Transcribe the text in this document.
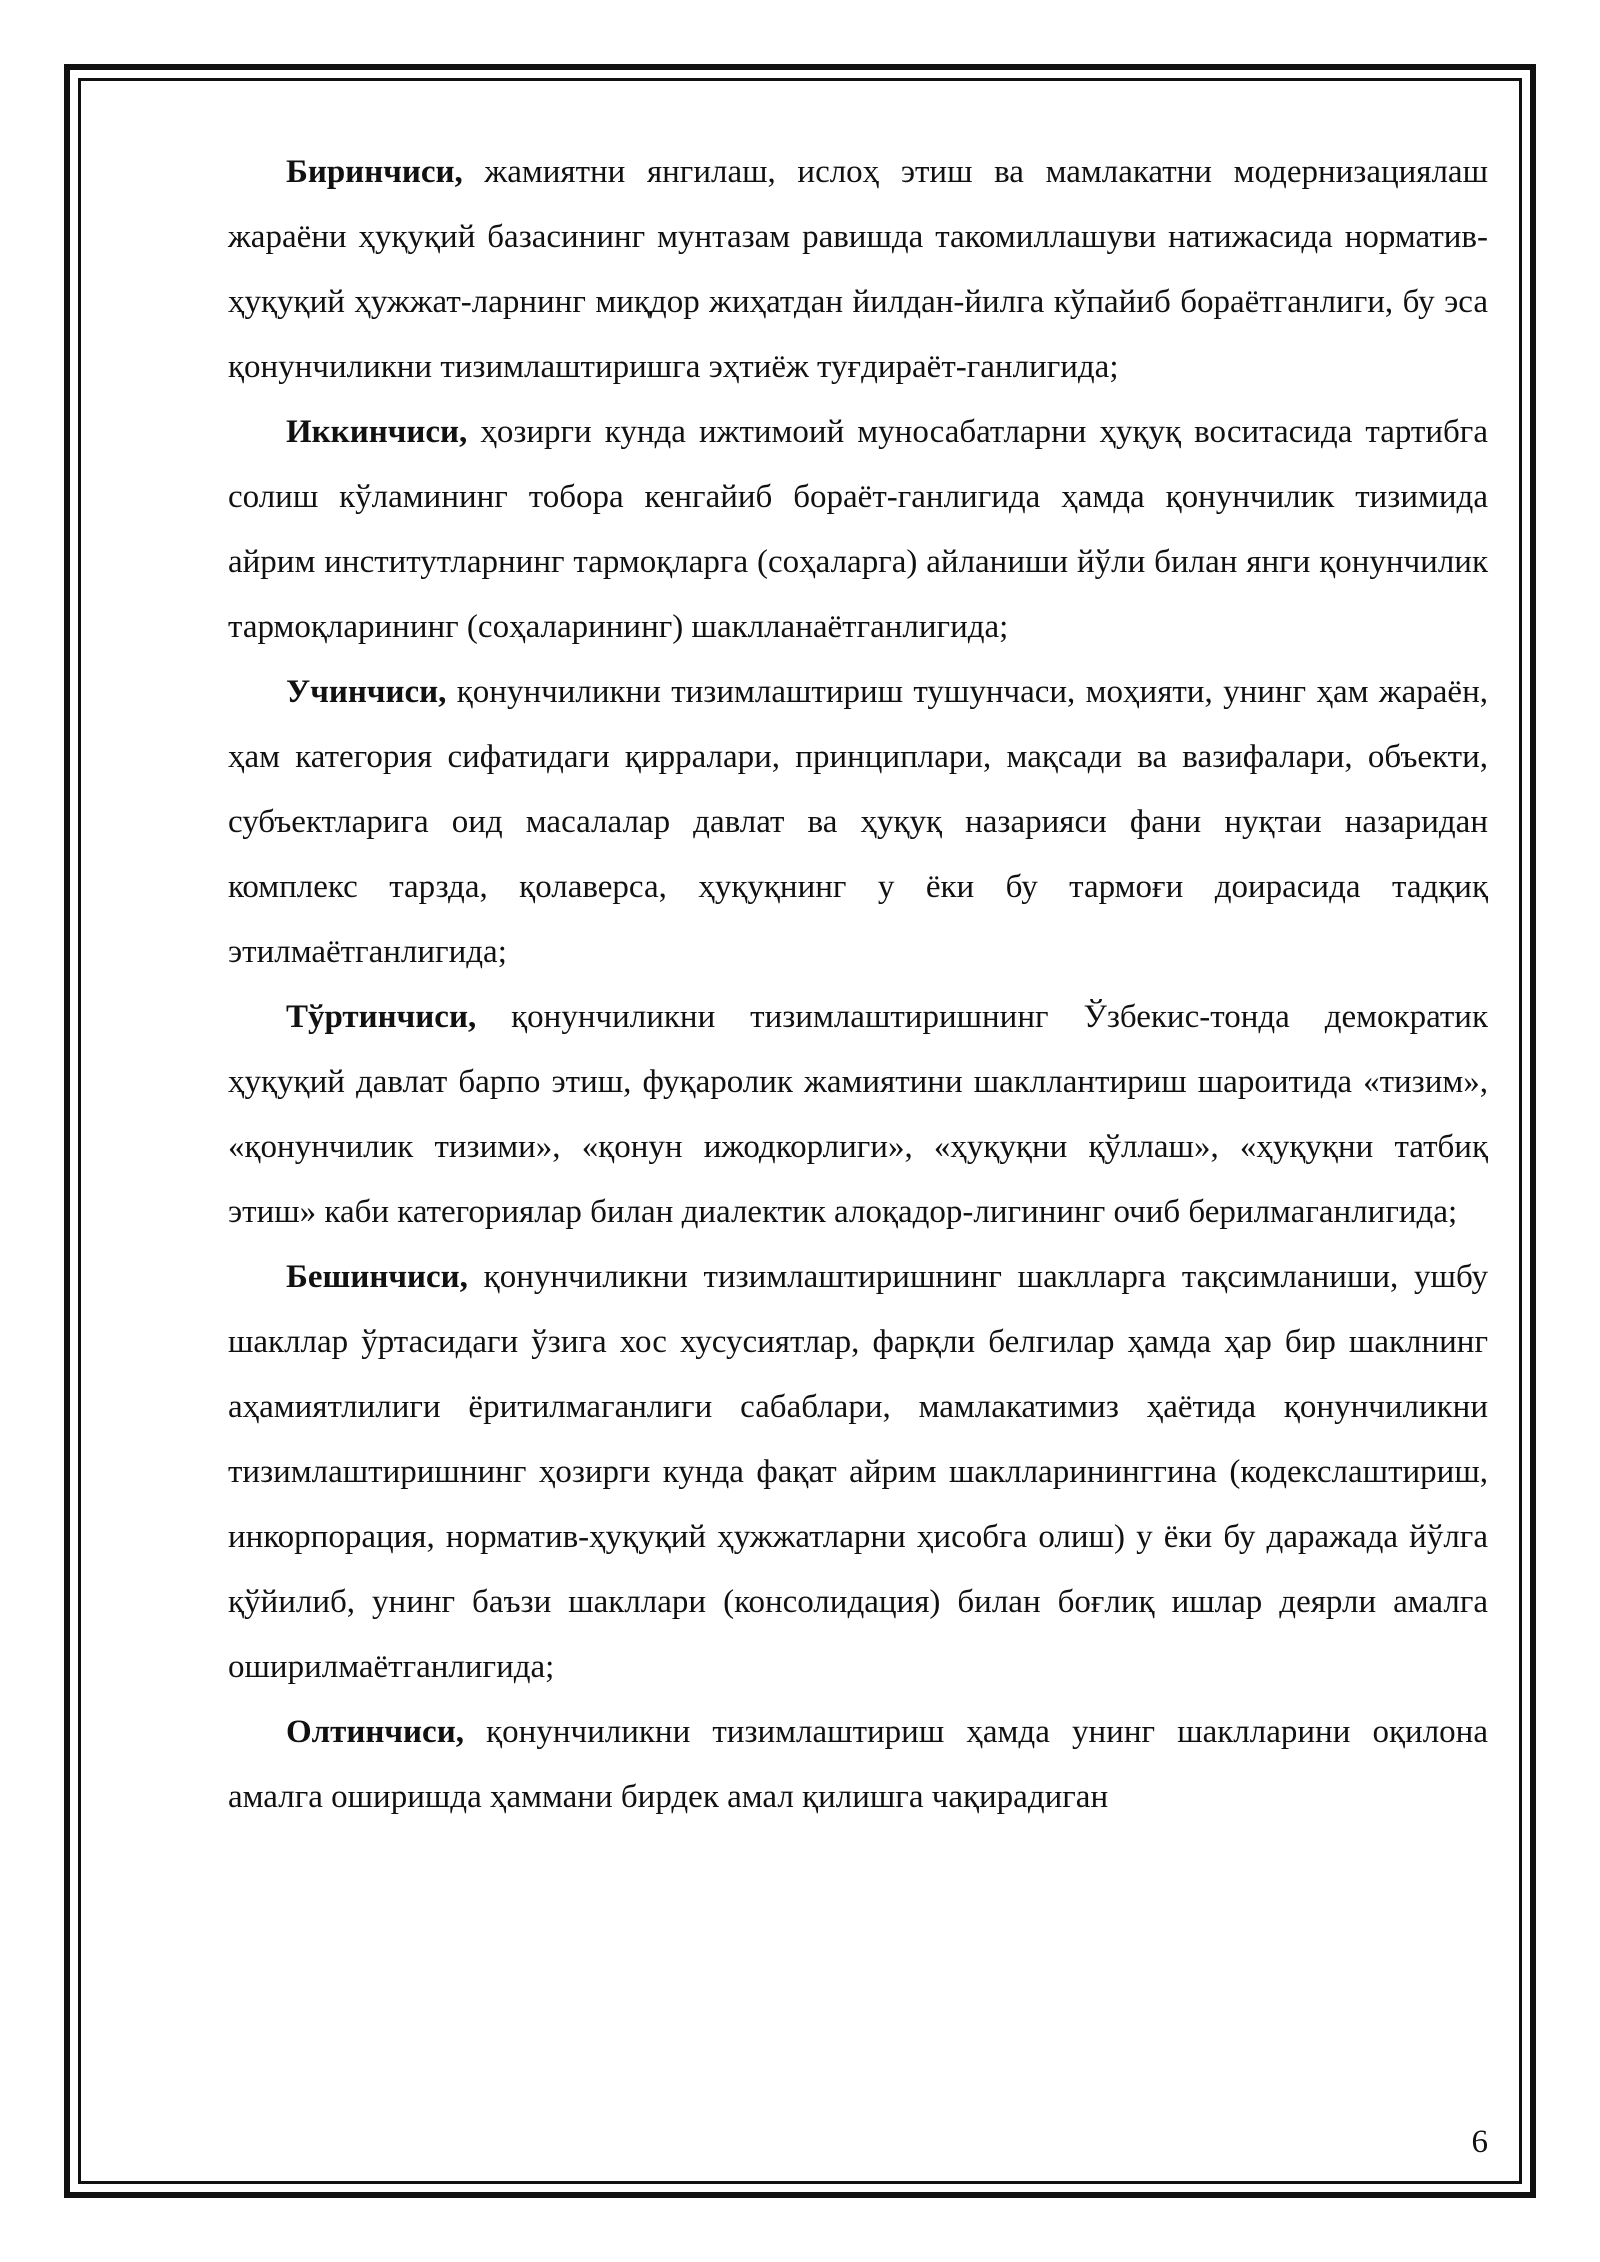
Биринчиси, жамиятни янгилаш, ислоҳ этиш ва мамлакатни модернизациялаш жараёни ҳуқуқий базасининг мунтазам равишда такомиллашуви натижасида норматив-ҳуқуқий ҳужжат-ларнинг миқдор жиҳатдан йилдан-йилга кўпайиб бораётганлиги, бу эса қонунчиликни тизимлаштиришга эҳтиёж туғдираёт-ганлигида;

Иккинчиси, ҳозирги кунда ижтимоий муносабатларни ҳуқуқ воситасида тартибга солиш кўламининг тобора кенгайиб бораёт-ганлигида ҳамда қонунчилик тизимида айрим институтларнинг тармоқларга (соҳаларга) айланиши йўли билан янги қонунчилик тармоқларининг (соҳаларининг) шаклланаётганлигида;

Учинчиси, қонунчиликни тизимлаштириш тушунчаси, моҳияти, унинг ҳам жараён, ҳам категория сифатидаги қирралари, принциплари, мақсади ва вазифалари, объекти, субъектларига оид масалалар давлат ва ҳуқуқ назарияси фани нуқтаи назаридан комплекс тарзда, қолаверса, ҳуқуқнинг у ёки бу тармоғи доирасида тадқиқ этилмаётганлигида;

Тўртинчиси, қонунчиликни тизимлаштиришнинг Ўзбекис-тонда демократик ҳуқуқий давлат барпо этиш, фуқаролик жамиятини шакллантириш шароитида «тизим», «қонунчилик тизими», «қонун ижодкорлиги», «ҳуқуқни қўллаш», «ҳуқуқни татбиқ этиш» каби категориялар билан диалектик алоқадор-лигининг очиб берилмаганлигида;

Бешинчиси, қонунчиликни тизимлаштиришнинг шаклларга тақсимланиши, ушбу шакллар ўртасидаги ўзига хос хусусиятлар, фарқли белгилар ҳамда ҳар бир шаклнинг аҳамиятлилиги ёритилмаганлиги сабаблари, мамлакатимиз ҳаётида қонунчиликни тизимлаштиришнинг ҳозирги кунда фақат айрим шаклларининггина (кодекслаштириш, инкорпорация, норматив-ҳуқуқий ҳужжатларни ҳисобга олиш) у ёки бу даражада йўлга қўйилиб, унинг баъзи шакллари (консолидация) билан боғлиқ ишлар деярли амалга оширилмаётганлигида;

Олтинчиси, қонунчиликни тизимлаштириш ҳамда унинг шаклларини оқилона амалга оширишда ҳаммани бирдек амал қилишга чақирадиган

6
